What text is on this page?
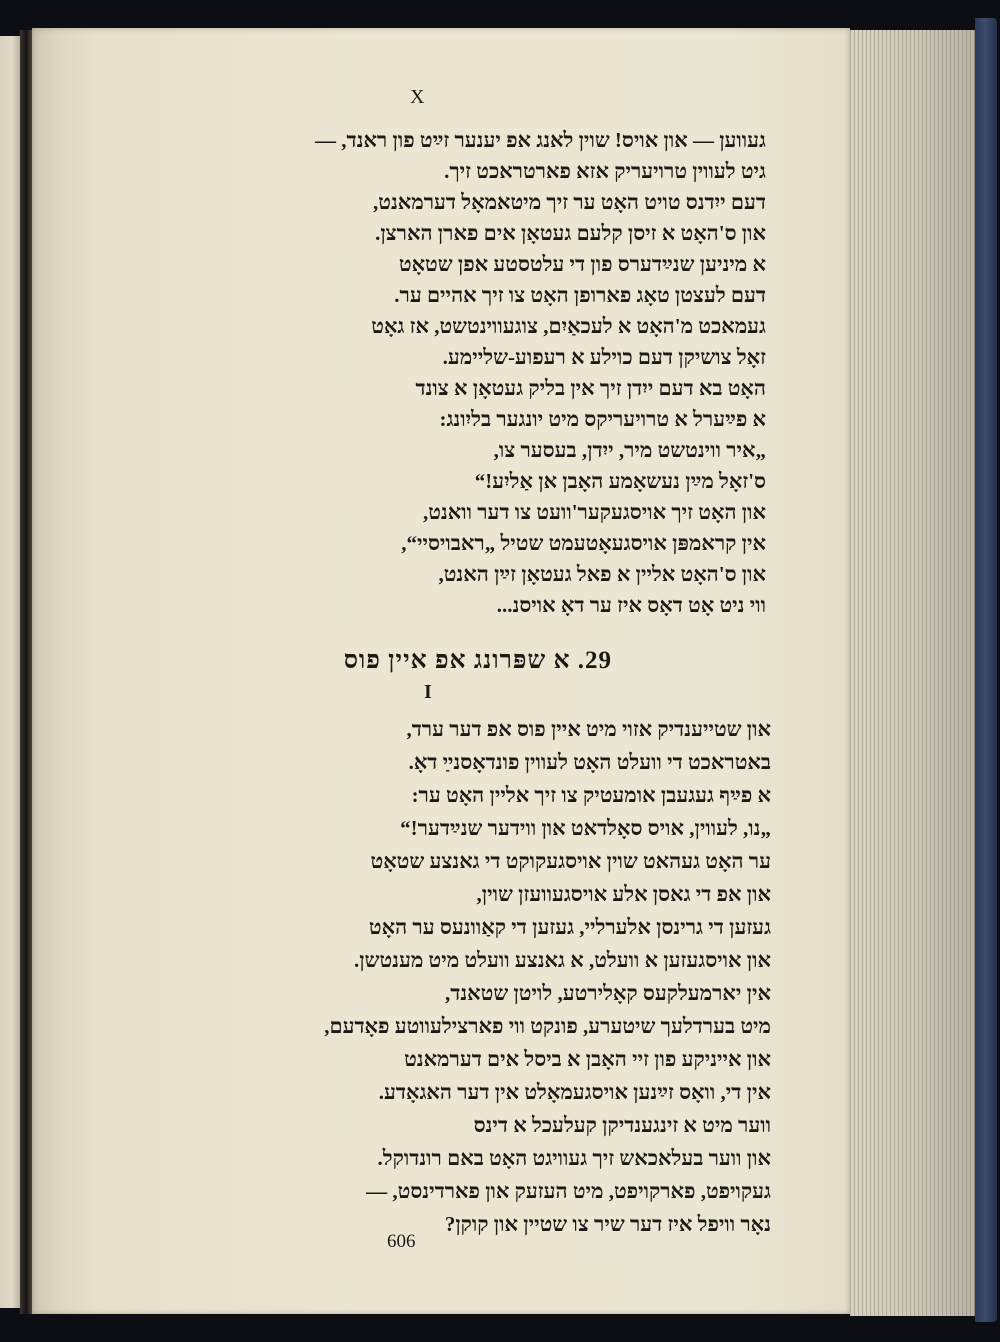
X
געווען — און אויס! שוין לאנג אפ יענער זײַט פון ראנד, —
גיט לעווין טרויעריק אזא פארטראכט זיך.
דעם ייִדנס טויט האָט ער זיך מיטאמאָל דערמאנט,
און ס'האָט א זיסן קלעם געטאָן אים פארן הארצן.
א מיניען שנײַדערס פון די עלטסטע אפן שטאָט
דעם לעצטן טאָג פארופן האָט צו זיך אהיים ער.
געמאכט מ'האָט א לעכאַיִם, צוגעווינטשט, אז גאָט
זאָל צושיקן דעם כוילע א רעפוע-שליימע.
האָט בא דעם ייִדן זיך אין בליק געטאָן א צונד
א פײַערל א טרויעריקס מיט יונגער בליִונג:
„איר ווינטשט מיר, ייִדן, בעסער צו,
ס'זאָל מײַן נעשאָמע האָבן אן אַליִע!“
און האָט זיך אויסגעקער'וועט צו דער וואנט,
אין קראמפּן אויסגעאָטעמט שטיל „ראבויסיי“,
און ס'האָט אליין א פאל געטאָן זײַן האנט,
ווי ניט אָט דאָס איז ער דאָ אויסנ...
29. א שפּרונג אפ איין פוס
I
און שטייענדיק אזוי מיט איין פוס אפ דער ערד,
באטראכט די וועלט האָט לעווין פונדאָסנײַ דאָ.
א פײַף געגעבן אומעטיק צו זיך אליין האָט ער:
„נו, לעווין, אויס סאָלדאט און ווידער שנײַדער!“
ער האָט געהאט שוין אויסגעקוקט די גאנצע שטאָט
און אפ די גאסן אלע אויסגעוועזן שוין,
געזען די גרינסן אלערליי, געזען די קאַוונעס ער האָט
און אויסגעזען א וועלט, א גאנצע וועלט מיט מענטשן.
אין יארמעלקעס קאָלירטע, לויטן שטאנד,
מיט בערדלעך שיטערע, פונקט ווי פארצילעווטע פאָדעם,
און אייניקע פון זיי האָבן א ביסל אים דערמאנט
אין די, וואָס זײַנען אויסגעמאָלט אין דער האגאָדע.
ווער מיט א זינגענדיקן קעלעכל א דינס
און ווער בעלאכאש זיך געוויגט האָט באם רונדוקל.
געקויפט, פארקויפט, מיט העזעק און פארדינסט, —
נאָר וויפל איז דער שיר צו שטיין און קוקן?
606
